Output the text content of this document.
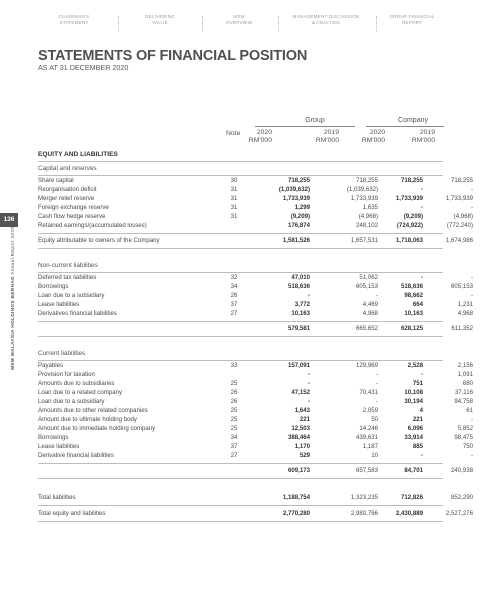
CHAIRMAN'S
STATEMENT
DELIVERING
VALUE
MSM
OVERVIEW
MANAGEMENT DISCUSSION
& ANALYSIS
GROUP FINANCIAL
REPORT
STATEMENTS OF FINANCIAL POSITION
AS AT 31 DECEMBER 2020
136
MSM MALAYSIA HOLDINGS BERHAD Annual Report 2020
Group	Company
Note	2020
RM'000
2019
RM'000
2020
RM'000
2019
RM'000
EQUITY AND LIABILITIES
Capital and reserves
Share capital	30	718,255	718,255	718,255	718,255
Reorganisation deficit	31	(1,039,632)	(1,039,632)	-	-
Merger relief reserve	31	1,733,939	1,733,939	1,733,939	1,733,939
Foreign exchange reserve	31	1,299	1,635	-	-
Cash flow hedge reserve	31	(9,209)	(4,968)	(9,209)	(4,968)
Retained earnings/(accumulated losses)	176,874	248,102	(724,922)	(772,240)
Equity attributable to owners of the Company	1,581,526	1,657,531	1,718,063	1,674,986
Non-current liabilities
Deferred tax liabilities	32	47,010	51,062	-	-
Borrowings	34	518,636	605,153	518,636	605,153
Loan due to a subsidiary	26	-	-	98,662	-
Lease liabilities	37	3,772	4,469	664	1,231
Derivatives financial liabilities	27	10,163	4,968	10,163	4,968
579,581	665,652	628,125	611,352
Current liabilities
Payables	33	157,091	129,969	2,528	2,156
Provision for taxation	-	-	-	1,091
Amounts due to subsidiaries	25	-	-	751	680
Loan due to a related company	26	47,152	70,431	10,108	37,116
Loan due to a subsidiary	26	-	-	30,194	94,758
Amounts due to other related companies	25	1,643	2,059	4	61
Amount due to ultimate holding body	25	221	50	221	-
Amount due to immediate holding company	25	12,503	14,246	6,096	5,852
Borrowings	34	388,464	439,631	33,914	98,475
Lease liabilities	37	1,170	1,187	885	750
Derivative financial liabilities	27	529	10	-	-
609,173	657,583	84,701	240,938
Total liabilities	1,188,754	1,323,235	712,826	852,290
Total equity and liabilities	2,770,280	2,980,766	2,430,889	2,527,276
